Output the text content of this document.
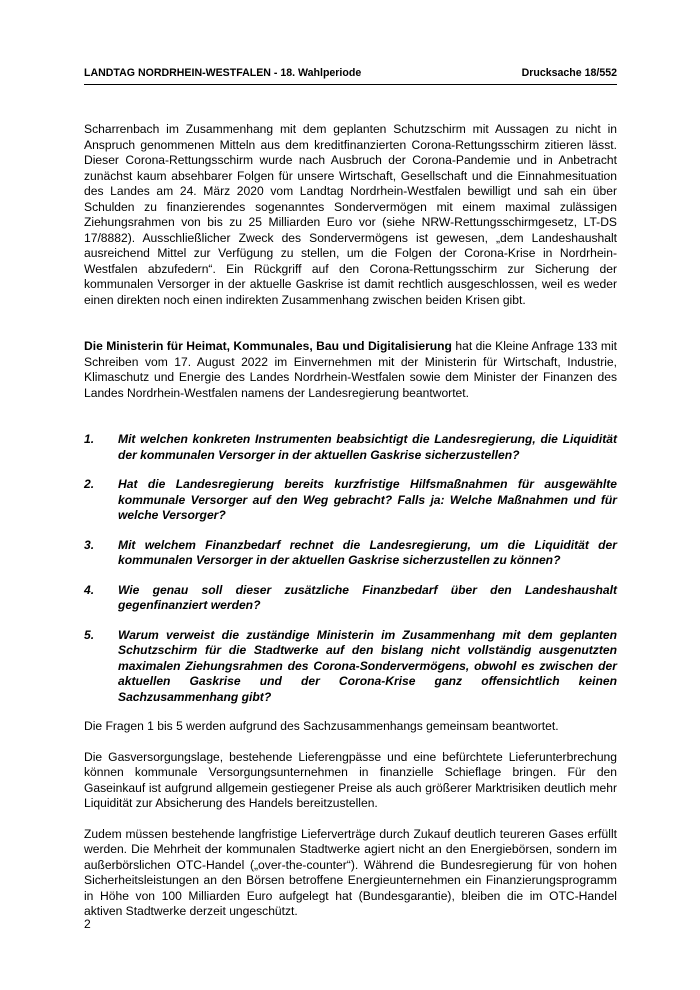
LANDTAG NORDRHEIN-WESTFALEN - 18. Wahlperiode	Drucksache 18/552

Scharrenbach im Zusammenhang mit dem geplanten Schutzschirm mit Aussagen zu nicht in Anspruch genommenen Mitteln aus dem kreditfinanzierten Corona-Rettungsschirm zitieren lässt. Dieser Corona-Rettungsschirm wurde nach Ausbruch der Corona-Pandemie und in Anbetracht zunächst kaum absehbarer Folgen für unsere Wirtschaft, Gesellschaft und die Einnahmesituation des Landes am 24. März 2020 vom Landtag Nordrhein-Westfalen bewilligt und sah ein über Schulden zu finanzierendes sogenanntes Sondervermögen mit einem maximal zulässigen Ziehungsrahmen von bis zu 25 Milliarden Euro vor (siehe NRW-Rettungsschirmgesetz, LT-DS 17/8882). Ausschließlicher Zweck des Sondervermögens ist gewesen, „dem Landeshaushalt ausreichend Mittel zur Verfügung zu stellen, um die Folgen der Corona-Krise in Nordrhein-Westfalen abzufedern“. Ein Rückgriff auf den Corona-Rettungsschirm zur Sicherung der kommunalen Versorger in der aktuelle Gaskrise ist damit rechtlich ausgeschlossen, weil es weder einen direkten noch einen indirekten Zusammenhang zwischen beiden Krisen gibt.

Die Ministerin für Heimat, Kommunales, Bau und Digitalisierung hat die Kleine Anfrage 133 mit Schreiben vom 17. August 2022 im Einvernehmen mit der Ministerin für Wirtschaft, Industrie, Klimaschutz und Energie des Landes Nordrhein-Westfalen sowie dem Minister der Finanzen des Landes Nordrhein-Westfalen namens der Landesregierung beantwortet.

1.	Mit welchen konkreten Instrumenten beabsichtigt die Landesregierung, die Liquidität der kommunalen Versorger in der aktuellen Gaskrise sicherzustellen?
2.	Hat die Landesregierung bereits kurzfristige Hilfsmaßnahmen für ausgewählte kommunale Versorger auf den Weg gebracht? Falls ja: Welche Maßnahmen und für welche Versorger?
3.	Mit welchem Finanzbedarf rechnet die Landesregierung, um die Liquidität der kommunalen Versorger in der aktuellen Gaskrise sicherzustellen zu können?
4.	Wie genau soll dieser zusätzliche Finanzbedarf über den Landeshaushalt gegenfinanziert werden?
5.	Warum verweist die zuständige Ministerin im Zusammenhang mit dem geplanten Schutzschirm für die Stadtwerke auf den bislang nicht vollständig ausgenutzten maximalen Ziehungsrahmen des Corona-Sondervermögens, obwohl es zwischen der aktuellen Gaskrise und der Corona-Krise ganz offensichtlich keinen Sachzusammenhang gibt?

Die Fragen 1 bis 5 werden aufgrund des Sachzusammenhangs gemeinsam beantwortet.

Die Gasversorgungslage, bestehende Lieferengpässe und eine befürchtete Lieferunterbrechung können kommunale Versorgungsunternehmen in finanzielle Schieflage bringen. Für den Gaseinkauf ist aufgrund allgemein gestiegener Preise als auch größerer Marktrisiken deutlich mehr Liquidität zur Absicherung des Handels bereitzustellen.

Zudem müssen bestehende langfristige Lieferverträge durch Zukauf deutlich teureren Gases erfüllt werden. Die Mehrheit der kommunalen Stadtwerke agiert nicht an den Energiebörsen, sondern im außerbörslichen OTC-Handel („over-the-counter“). Während die Bundesregierung für von hohen Sicherheitsleistungen an den Börsen betroffene Energieunternehmen ein Finanzierungsprogramm in Höhe von 100 Milliarden Euro aufgelegt hat (Bundesgarantie), bleiben die im OTC-Handel aktiven Stadtwerke derzeit ungeschützt.

2
